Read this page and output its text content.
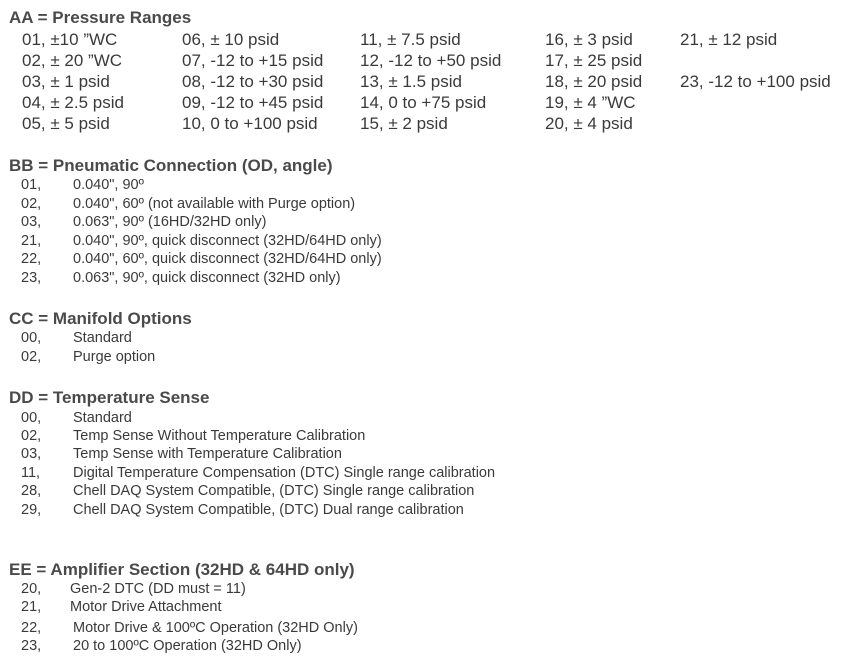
AA = Pressure Ranges
01, ±10 ”WC
02, ± 20 ”WC
03, ± 1 psid
04, ± 2.5 psid
05, ± 5 psid
06, ± 10 psid
07, -12 to +15 psid
08, -12 to +30 psid
09, -12 to +45 psid
10, 0 to +100 psid
11, ± 7.5 psid
12, -12 to +50 psid
13, ± 1.5 psid
14, 0 to +75 psid
15, ± 2 psid
16, ± 3 psid
17, ± 25 psid
18, ± 20 psid
19, ± 4 ”WC
20, ± 4 psid
21, ± 12 psid
23, -12 to +100 psid
BB = Pneumatic Connection (OD, angle)
01, 0.040", 90º
02, 0.040", 60º (not available with Purge option)
03, 0.063", 90º (16HD/32HD only)
21, 0.040", 90º, quick disconnect (32HD/64HD only)
22, 0.040", 60º, quick disconnect (32HD/64HD only)
23, 0.063", 90º, quick disconnect (32HD only)
CC = Manifold Options
00, Standard
02, Purge option
DD = Temperature Sense
00, Standard
02, Temp Sense Without Temperature Calibration
03, Temp Sense with Temperature Calibration
11, Digital Temperature Compensation (DTC) Single range calibration
28, Chell DAQ System Compatible, (DTC) Single range calibration
29, Chell DAQ System Compatible, (DTC) Dual range calibration
EE = Amplifier Section (32HD & 64HD only)
20, Gen-2 DTC (DD must = 11)
21, Motor Drive Attachment
22, Motor Drive & 100ºC Operation (32HD Only)
23, 20 to 100ºC Operation (32HD Only)
